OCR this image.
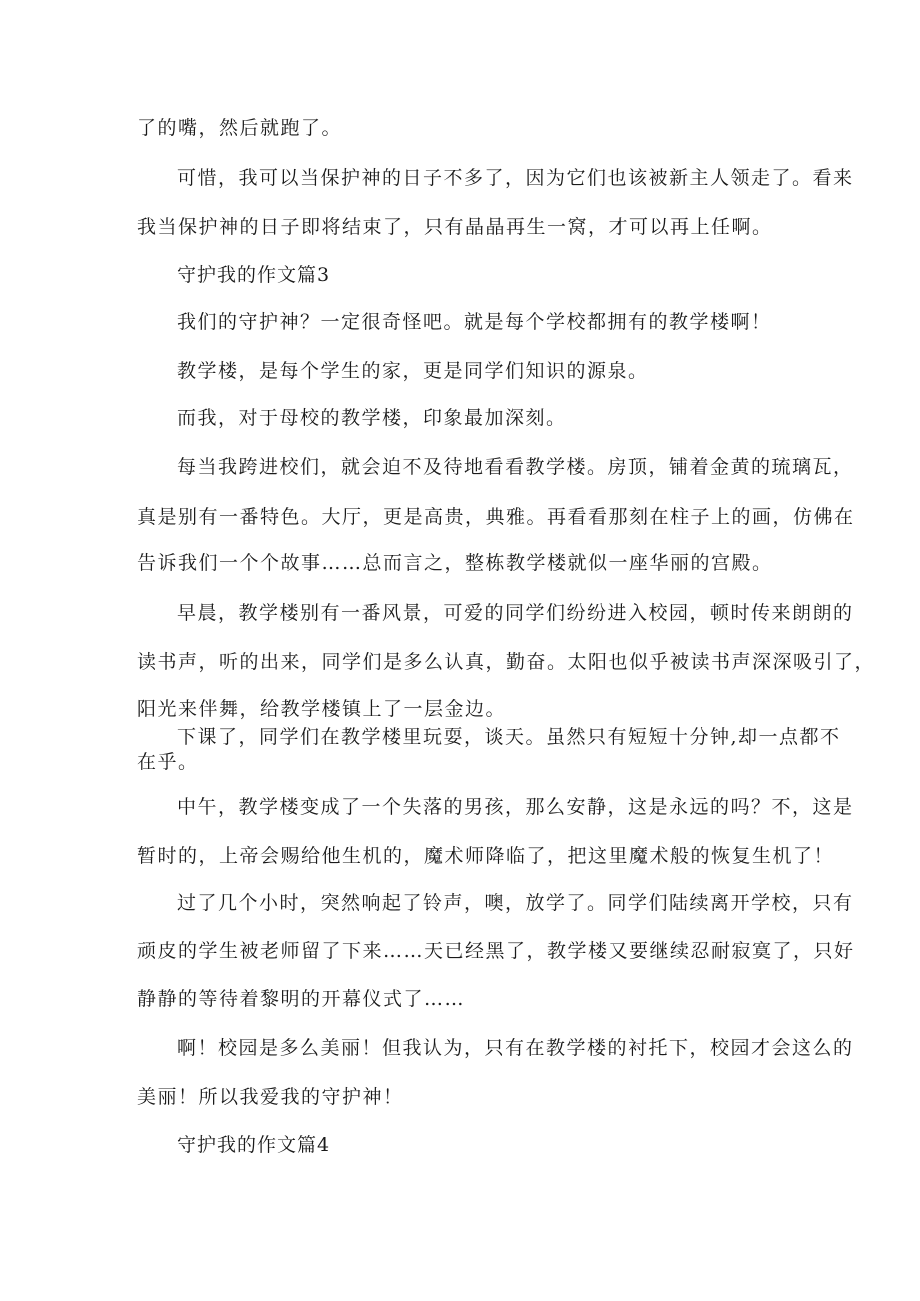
了的嘴，然后就跑了。
可惜，我可以当保护神的日子不多了，因为它们也该被新主人领走了。看来
我当保护神的日子即将结束了，只有晶晶再生一窝，才可以再上任啊。
守护我的作文篇3
我们的守护神？一定很奇怪吧。就是每个学校都拥有的教学楼啊！
教学楼，是每个学生的家，更是同学们知识的源泉。
而我，对于母校的教学楼，印象最加深刻。
每当我跨进校们，就会迫不及待地看看教学楼。房顶，铺着金黄的琉璃瓦，
真是别有一番特色。大厅，更是高贵，典雅。再看看那刻在柱子上的画，仿佛在
告诉我们一个个故事……总而言之，整栋教学楼就似一座华丽的宫殿。
早晨，教学楼别有一番风景，可爱的同学们纷纷进入校园，顿时传来朗朗的
读书声，听的出来，同学们是多么认真，勤奋。太阳也似乎被读书声深深吸引了，
阳光来伴舞，给教学楼镇上了一层金边。
下课了，同学们在教学楼里玩耍，谈天。虽然只有短短十分钟,却一点都不
在乎。
中午，教学楼变成了一个失落的男孩，那么安静，这是永远的吗？不，这是
暂时的，上帝会赐给他生机的，魔术师降临了，把这里魔术般的恢复生机了！
过了几个小时，突然响起了铃声，噢，放学了。同学们陆续离开学校，只有
顽皮的学生被老师留了下来……天已经黑了，教学楼又要继续忍耐寂寞了，只好
静静的等待着黎明的开幕仪式了……
啊！校园是多么美丽！但我认为，只有在教学楼的衬托下，校园才会这么的
美丽！所以我爱我的守护神！
守护我的作文篇4
